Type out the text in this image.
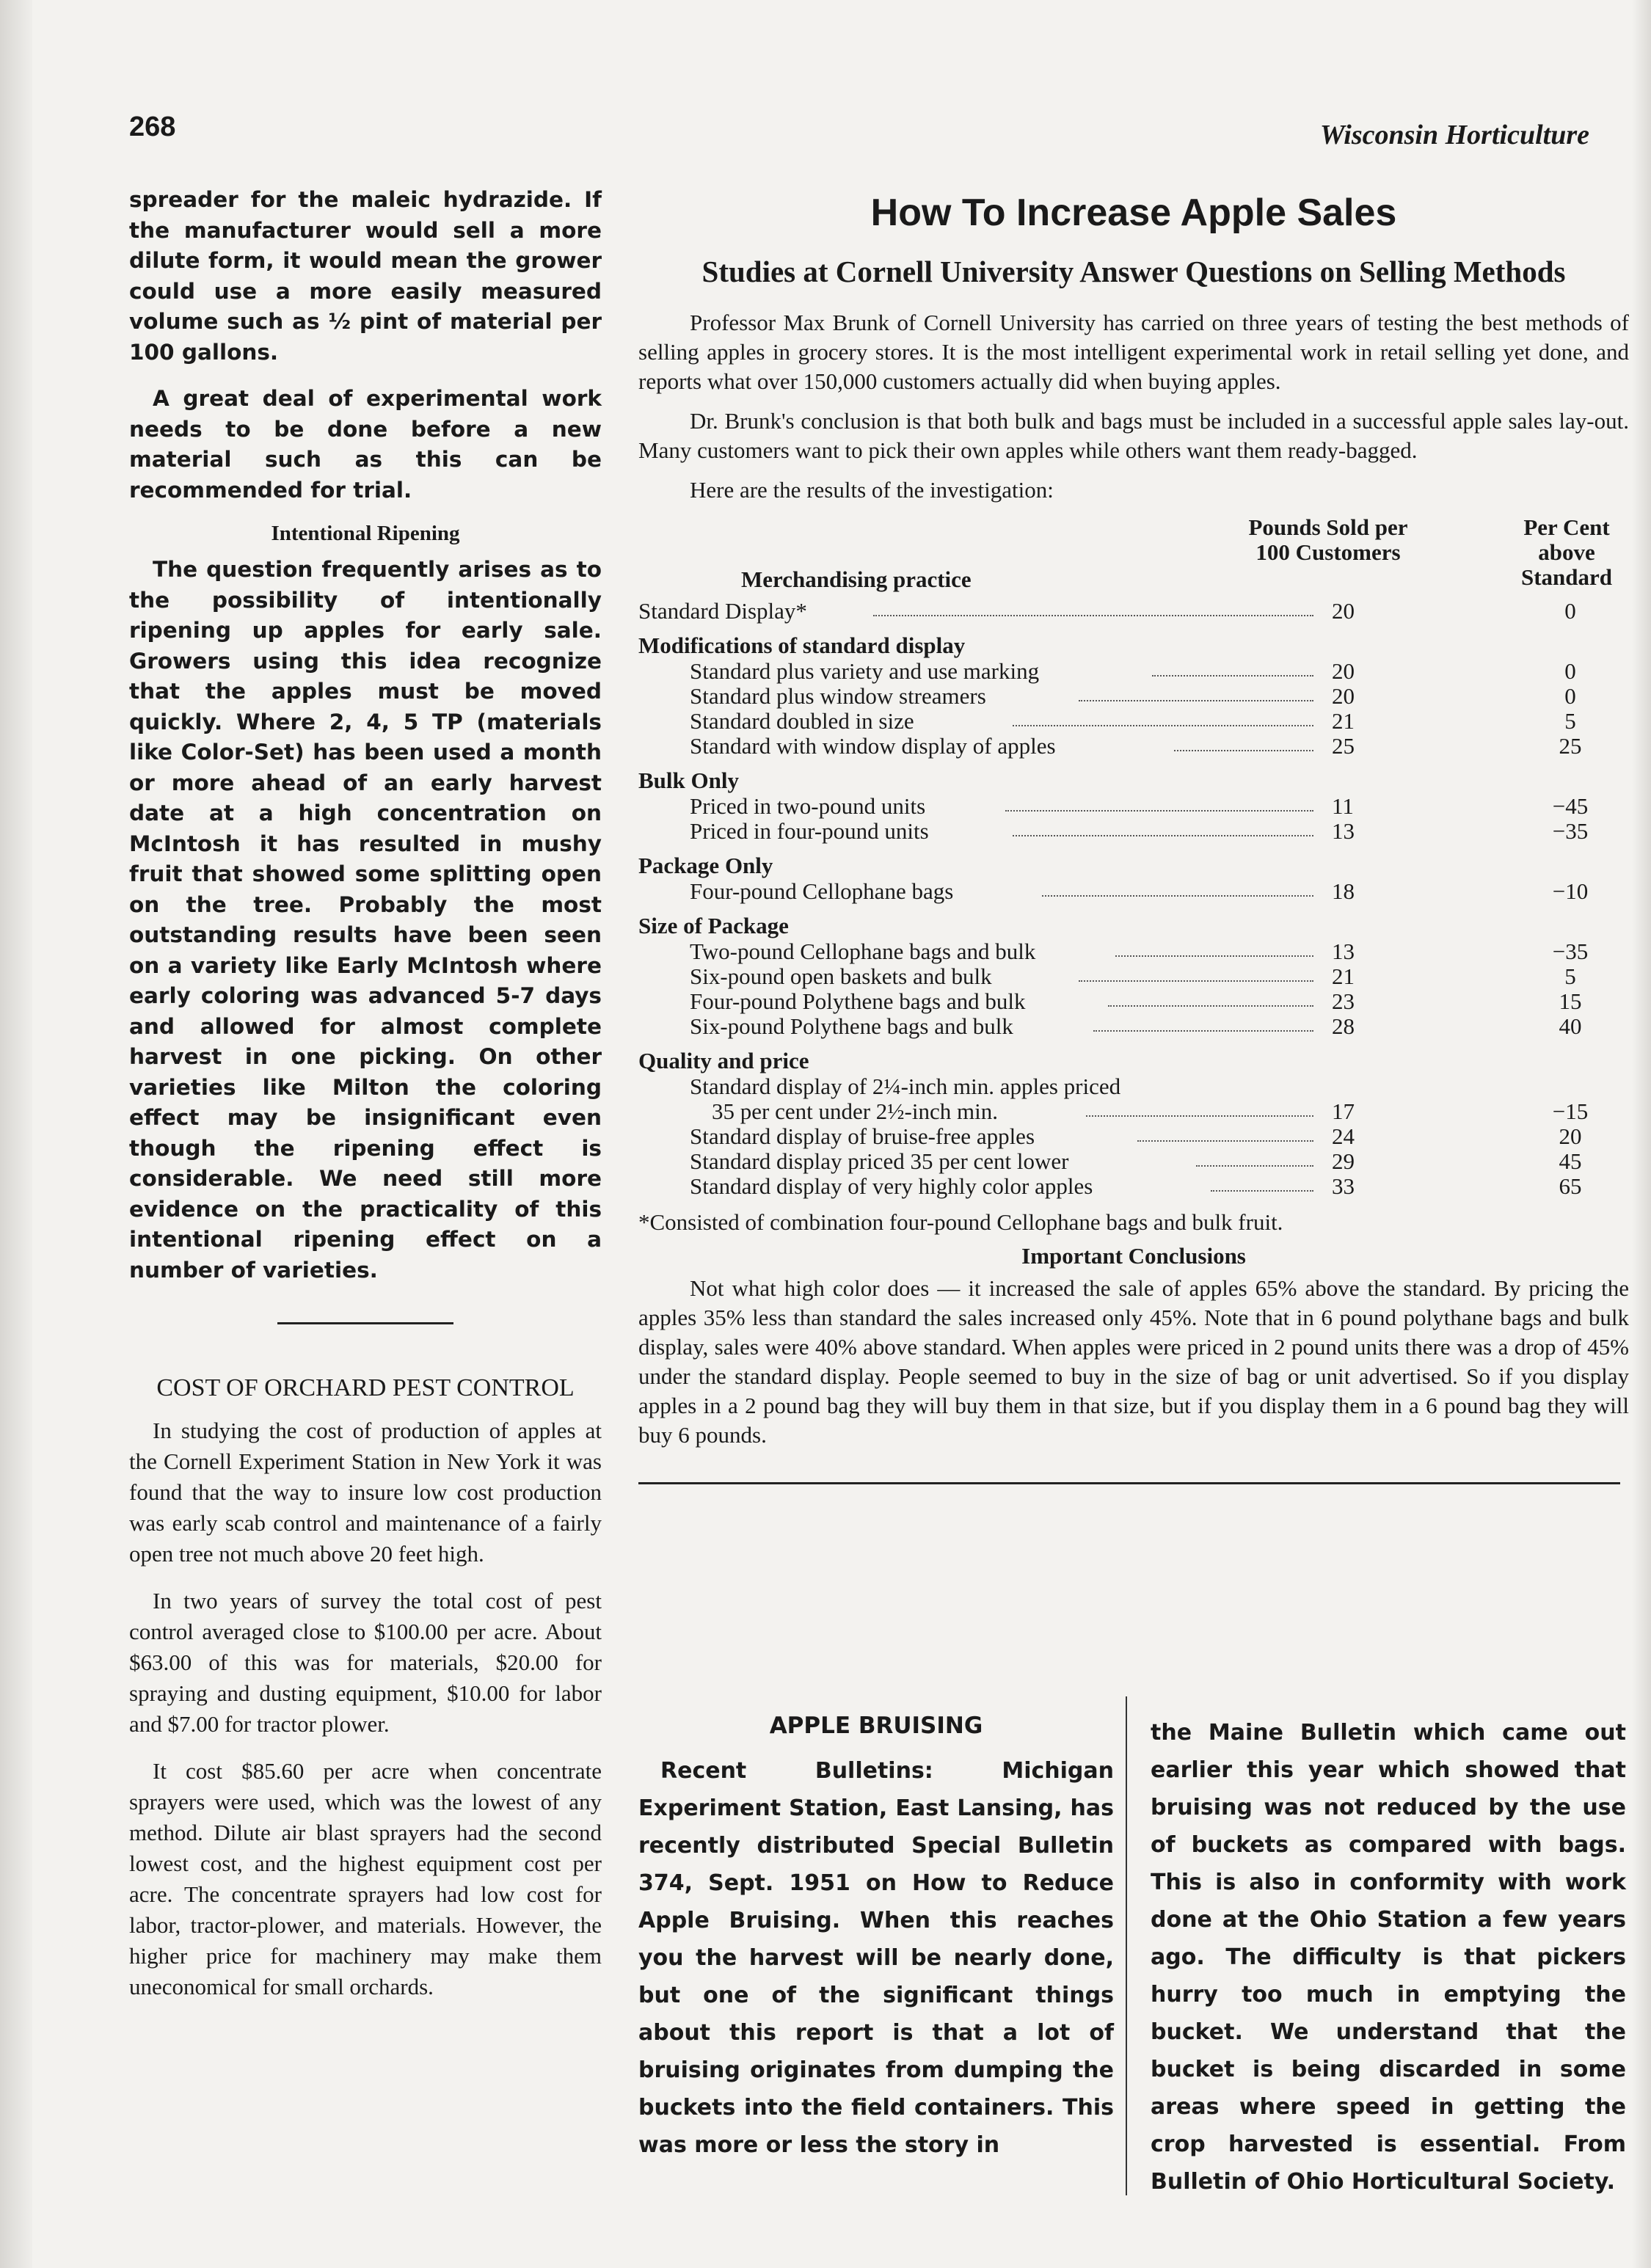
268	Wisconsin Horticulture

spreader for the maleic hydrazide. If the manufacturer would sell a more dilute form, it would mean the grower could use a more easily measured volume such as ½ pint of material per 100 gallons.

A great deal of experimental work needs to be done before a new material such as this can be recommended for trial.

Intentional Ripening

The question frequently arises as to the possibility of intentionally ripening up apples for early sale. Growers using this idea recognize that the apples must be moved quickly. Where 2, 4, 5 TP (materials like Color-Set) has been used a month or more ahead of an early harvest date at a high concentration on McIntosh it has resulted in mushy fruit that showed some splitting open on the tree. Probably the most outstanding results have been seen on a variety like Early McIntosh where early coloring was advanced 5-7 days and allowed for almost complete harvest in one picking. On other varieties like Milton the coloring effect may be insignificant even though the ripening effect is considerable. We need still more evidence on the practicality of this intentional ripening effect on a number of varieties.

COST OF ORCHARD PEST CONTROL

In studying the cost of production of apples at the Cornell Experiment Station in New York it was found that the way to insure low cost production was early scab control and maintenance of a fairly open tree not much above 20 feet high.

In two years of survey the total cost of pest control averaged close to $100.00 per acre. About $63.00 of this was for materials, $20.00 for spraying and dusting equipment, $10.00 for labor and $7.00 for tractor plower.

It cost $85.60 per acre when concentrate sprayers were used, which was the lowest of any method. Dilute air blast sprayers had the second lowest cost, and the highest equipment cost per acre. The concentrate sprayers had low cost for labor, tractor-plower, and materials. However, the higher price for machinery may make them uneconomical for small orchards.

How To Increase Apple Sales
Studies at Cornell University Answer Questions on Selling Methods

Professor Max Brunk of Cornell University has carried on three years of testing the best methods of selling apples in grocery stores. It is the most intelligent experimental work in retail selling yet done, and reports what over 150,000 customers actually did when buying apples.

Dr. Brunk's conclusion is that both bulk and bags must be included in a successful apple sales lay-out. Many customers want to pick their own apples while others want them ready-bagged.

Here are the results of the investigation:

Merchandising practice
Pounds Sold per 100 Customers
Per Cent above Standard
Standard Display*	20	0
Modifications of standard display
Standard plus variety and use marking	20	0
Standard plus window streamers	20	0
Standard doubled in size	21	5
Standard with window display of apples	25	25
Bulk Only
Priced in two-pound units	11	−45
Priced in four-pound units	13	−35
Package Only
Four-pound Cellophane bags	18	−10
Size of Package
Two-pound Cellophane bags and bulk	13	−35
Six-pound open baskets and bulk	21	5
Four-pound Polythene bags and bulk	23	15
Six-pound Polythene bags and bulk	28	40
Quality and price
Standard display of 2¼-inch min. apples priced
35 per cent under 2½-inch min.	17	−15
Standard display of bruise-free apples	24	20
Standard display priced 35 per cent lower	29	45
Standard display of very highly color apples	33	65
*Consisted of combination four-pound Cellophane bags and bulk fruit.
Important Conclusions

Not what high color does — it increased the sale of apples 65% above the standard. By pricing the apples 35% less than standard the sales increased only 45%. Note that in 6 pound polythane bags and bulk display, sales were 40% above standard. When apples were priced in 2 pound units there was a drop of 45% under the standard display. People seemed to buy in the size of bag or unit advertised. So if you display apples in a 2 pound bag they will buy them in that size, but if you display them in a 6 pound bag they will buy 6 pounds.

APPLE BRUISING

Recent Bulletins: Michigan Experiment Station, East Lansing, has recently distributed Special Bulletin 374, Sept. 1951 on How to Reduce Apple Bruising. When this reaches you the harvest will be nearly done, but one of the significant things about this report is that a lot of bruising originates from dumping the buckets into the field containers. This was more or less the story in

the Maine Bulletin which came out earlier this year which showed that bruising was not reduced by the use of buckets as compared with bags. This is also in conformity with work done at the Ohio Station a few years ago. The difficulty is that pickers hurry too much in emptying the bucket. We understand that the bucket is being discarded in some areas where speed in getting the crop harvested is essential. From Bulletin of Ohio Horticultural Society.
